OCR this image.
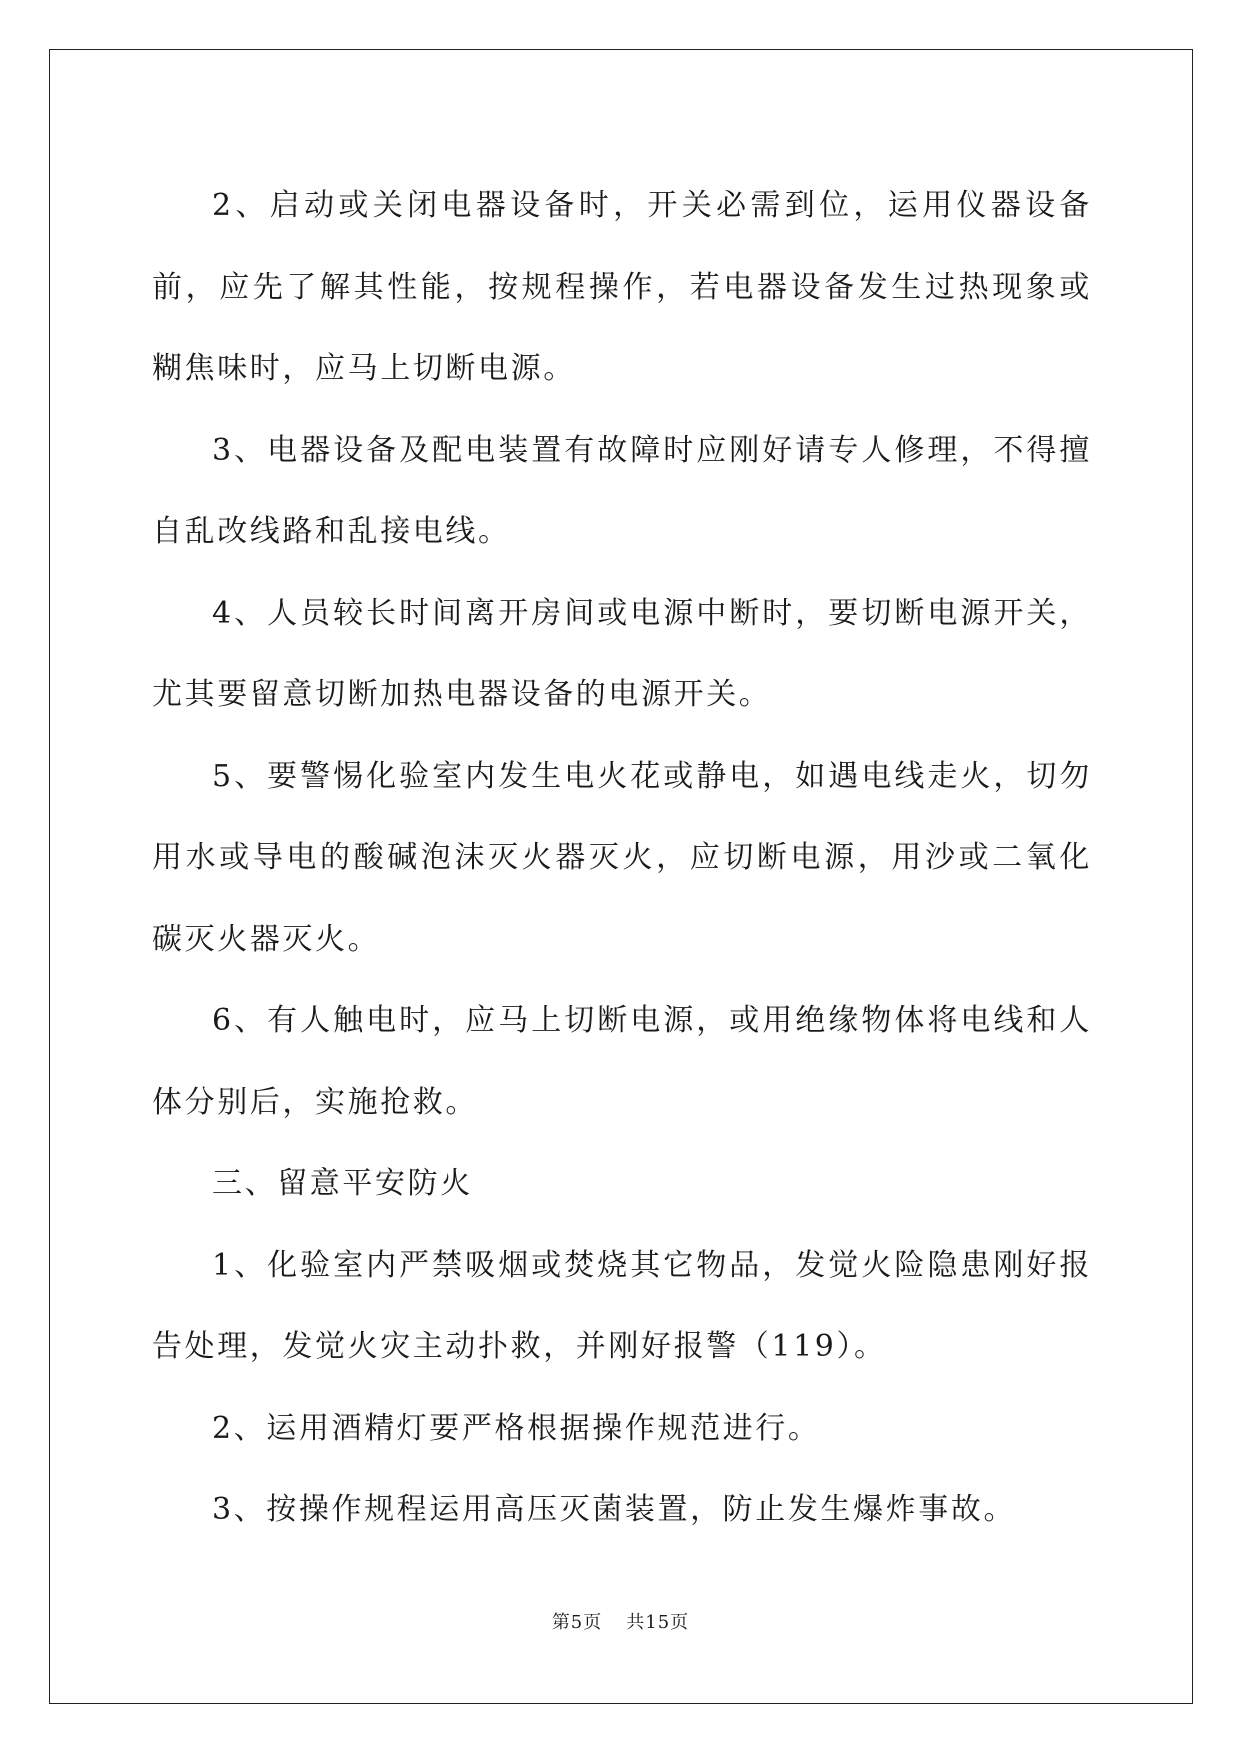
2、启动或关闭电器设备时，开关必需到位，运用仪器设备前，应先了解其性能，按规程操作，若电器设备发生过热现象或糊焦味时，应马上切断电源。

3、电器设备及配电装置有故障时应刚好请专人修理，不得擅自乱改线路和乱接电线。

4、人员较长时间离开房间或电源中断时，要切断电源开关，尤其要留意切断加热电器设备的电源开关。

5、要警惕化验室内发生电火花或静电，如遇电线走火，切勿用水或导电的酸碱泡沫灭火器灭火，应切断电源，用沙或二氧化碳灭火器灭火。

6、有人触电时，应马上切断电源，或用绝缘物体将电线和人体分别后，实施抢救。

三、留意平安防火

1、化验室内严禁吸烟或焚烧其它物品，发觉火险隐患刚好报告处理，发觉火灾主动扑救，并刚好报警（119）。

2、运用酒精灯要严格根据操作规范进行。

3、按操作规程运用高压灭菌装置，防止发生爆炸事故。

第5页 共15页
